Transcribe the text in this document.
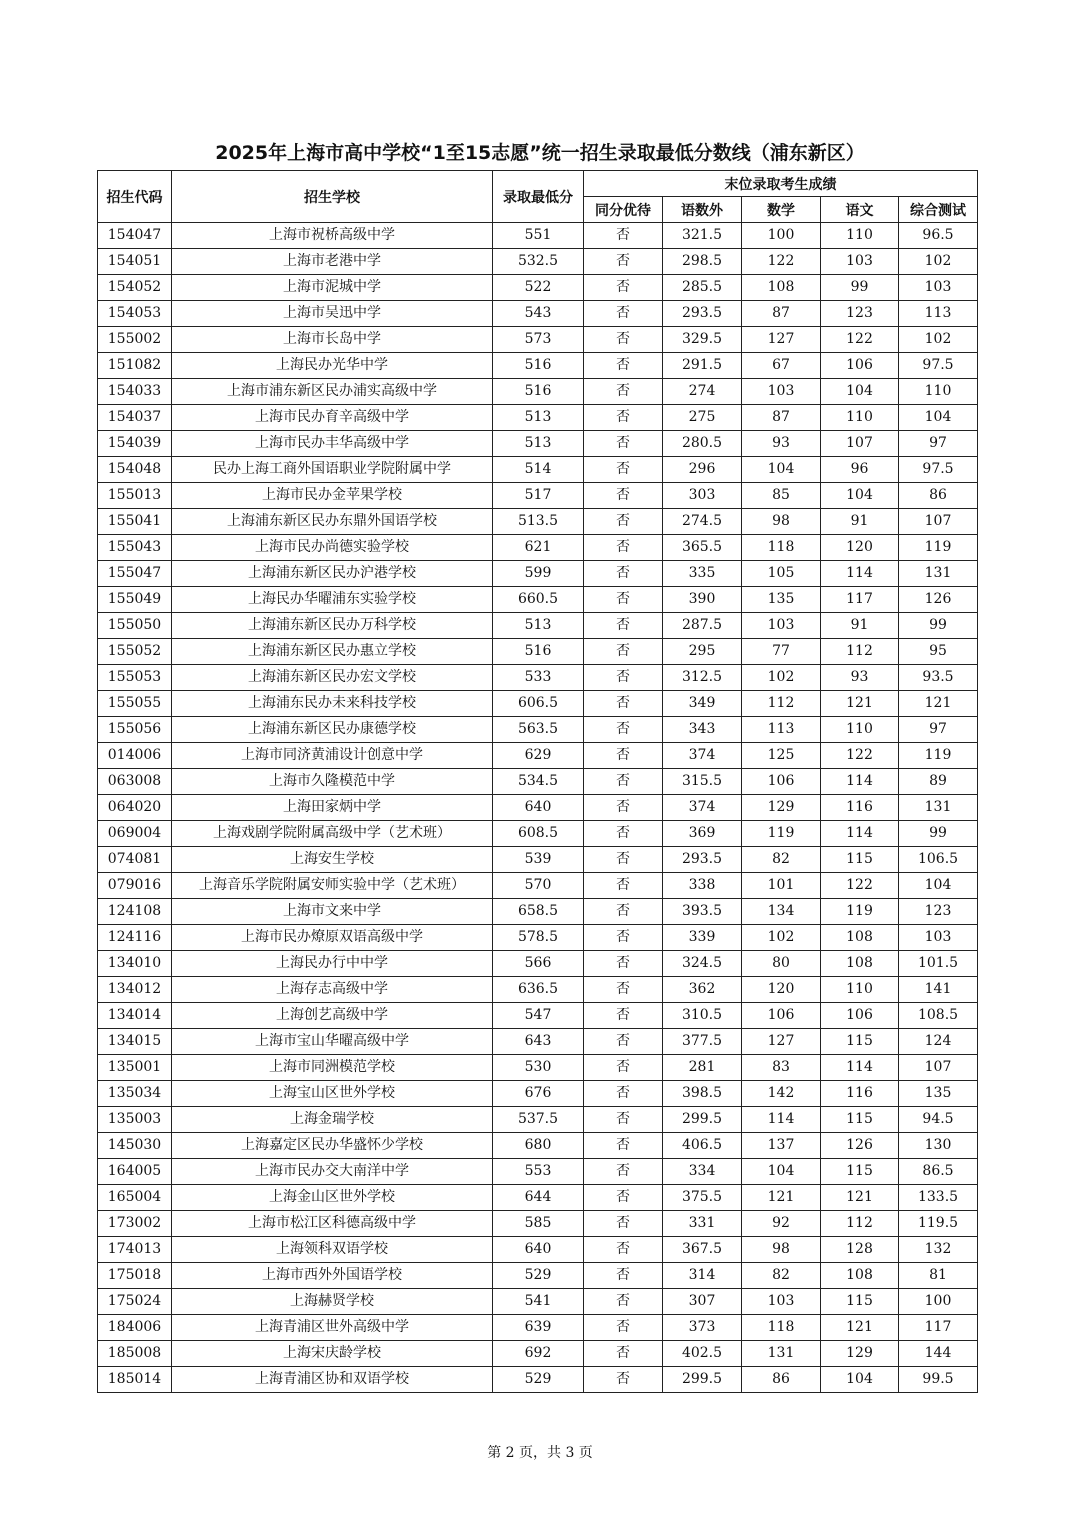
2025年上海市高中学校“1至15志愿”统一招生录取最低分数线（浦东新区）
招生代码	招生学校	录取最低分	末位录取考生成绩				
			同分优待	语数外	数学	语文	综合测试
154047	上海市祝桥高级中学	551	否	321.5	100	110	96.5
154051	上海市老港中学	532.5	否	298.5	122	103	102
154052	上海市泥城中学	522	否	285.5	108	99	103
154053	上海市吴迅中学	543	否	293.5	87	123	113
155002	上海市长岛中学	573	否	329.5	127	122	102
151082	上海民办光华中学	516	否	291.5	67	106	97.5
154033	上海市浦东新区民办浦实高级中学	516	否	274	103	104	110
154037	上海市民办育辛高级中学	513	否	275	87	110	104
154039	上海市民办丰华高级中学	513	否	280.5	93	107	97
154048	民办上海工商外国语职业学院附属中学	514	否	296	104	96	97.5
155013	上海市民办金苹果学校	517	否	303	85	104	86
155041	上海浦东新区民办东鼎外国语学校	513.5	否	274.5	98	91	107
155043	上海市民办尚德实验学校	621	否	365.5	118	120	119
155047	上海浦东新区民办沪港学校	599	否	335	105	114	131
155049	上海民办华曜浦东实验学校	660.5	否	390	135	117	126
155050	上海浦东新区民办万科学校	513	否	287.5	103	91	99
155052	上海浦东新区民办惠立学校	516	否	295	77	112	95
155053	上海浦东新区民办宏文学校	533	否	312.5	102	93	93.5
155055	上海浦东民办未来科技学校	606.5	否	349	112	121	121
155056	上海浦东新区民办康德学校	563.5	否	343	113	110	97
014006	上海市同济黄浦设计创意中学	629	否	374	125	122	119
063008	上海市久隆模范中学	534.5	否	315.5	106	114	89
064020	上海田家炳中学	640	否	374	129	116	131
069004	上海戏剧学院附属高级中学（艺术班）	608.5	否	369	119	114	99
074081	上海安生学校	539	否	293.5	82	115	106.5
079016	上海音乐学院附属安师实验中学（艺术班）	570	否	338	101	122	104
124108	上海市文来中学	658.5	否	393.5	134	119	123
124116	上海市民办燎原双语高级中学	578.5	否	339	102	108	103
134010	上海民办行中中学	566	否	324.5	80	108	101.5
134012	上海存志高级中学	636.5	否	362	120	110	141
134014	上海创艺高级中学	547	否	310.5	106	106	108.5
134015	上海市宝山华曜高级中学	643	否	377.5	127	115	124
135001	上海市同洲模范学校	530	否	281	83	114	107
135034	上海宝山区世外学校	676	否	398.5	142	116	135
135003	上海金瑞学校	537.5	否	299.5	114	115	94.5
145030	上海嘉定区民办华盛怀少学校	680	否	406.5	137	126	130
164005	上海市民办交大南洋中学	553	否	334	104	115	86.5
165004	上海金山区世外学校	644	否	375.5	121	121	133.5
173002	上海市松江区科德高级中学	585	否	331	92	112	119.5
174013	上海领科双语学校	640	否	367.5	98	128	132
175018	上海市西外外国语学校	529	否	314	82	108	81
175024	上海赫贤学校	541	否	307	103	115	100
184006	上海青浦区世外高级中学	639	否	373	118	121	117
185008	上海宋庆龄学校	692	否	402.5	131	129	144
185014	上海青浦区协和双语学校	529	否	299.5	86	104	99.5
第 2 页，共 3 页
